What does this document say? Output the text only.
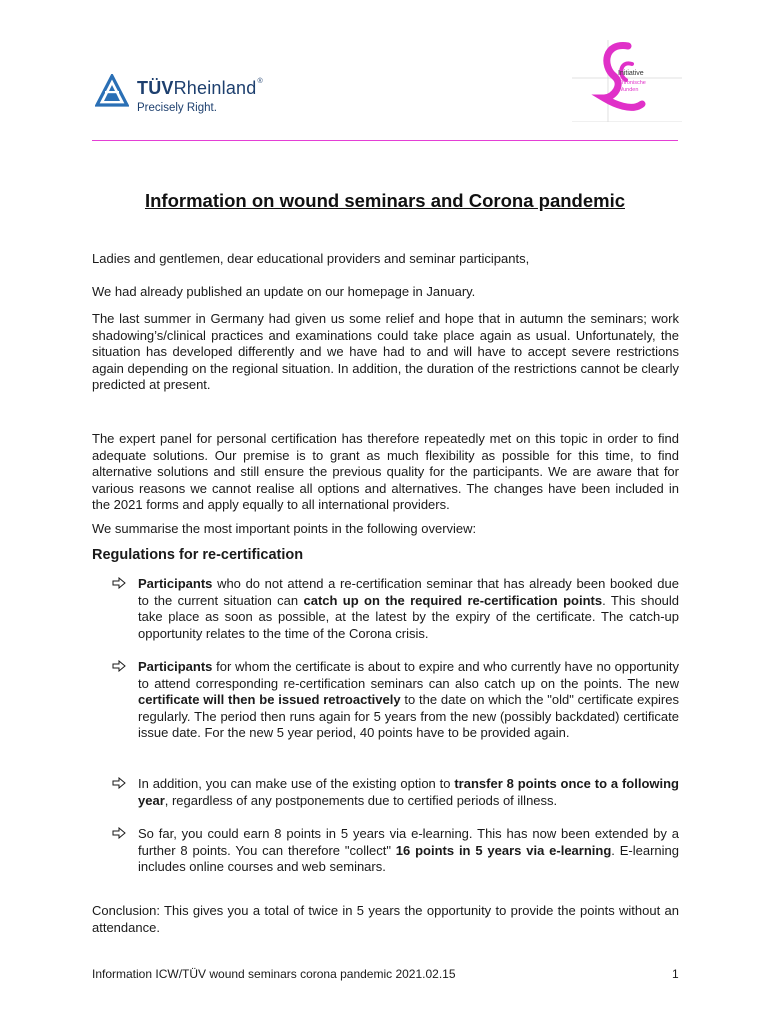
TÜVRheinland®
Precisely Right.
Initiative
Chronische
Wunden
Information on wound seminars and Corona pandemic

Ladies and gentlemen, dear educational providers and seminar participants,

We had already published an update on our homepage in January.

The last summer in Germany had given us some relief and hope that in autumn the seminars; work shadowing’s/clinical practices and examinations could take place again as usual. Unfortunately, the situation has developed differently and we have had to and will have to accept severe restrictions again depending on the regional situation. In addition, the duration of the restrictions cannot be clearly predicted at present.

The expert panel for personal certification has therefore repeatedly met on this topic in order to find adequate solutions. Our premise is to grant as much flexibility as possible for this time, to find alternative solutions and still ensure the previous quality for the participants. We are aware that for various reasons we cannot realise all options and alternatives. The changes have been included in the 2021 forms and apply equally to all international providers.

We summarise the most important points in the following overview:

Regulations for re-certification

Participants who do not attend a re-certification seminar that has already been booked due to the current situation can catch up on the required re-certification points. This should take place as soon as possible, at the latest by the expiry of the certificate. The catch-up opportunity relates to the time of the Corona crisis.

Participants for whom the certificate is about to expire and who currently have no opportunity to attend corresponding re-certification seminars can also catch up on the points. The new certificate will then be issued retroactively to the date on which the "old" certificate expires regularly. The period then runs again for 5 years from the new (possibly backdated) certificate issue date. For the new 5 year period, 40 points have to be provided again.

In addition, you can make use of the existing option to transfer 8 points once to a following year, regardless of any postponements due to certified periods of illness.

So far, you could earn 8 points in 5 years via e-learning. This has now been extended by a further 8 points. You can therefore "collect" 16 points in 5 years via e-learning. E-learning includes online courses and web seminars.

Conclusion: This gives you a total of twice in 5 years the opportunity to provide the points without an attendance.

Information ICW/TÜV wound seminars corona pandemic 2021.02.15	1
